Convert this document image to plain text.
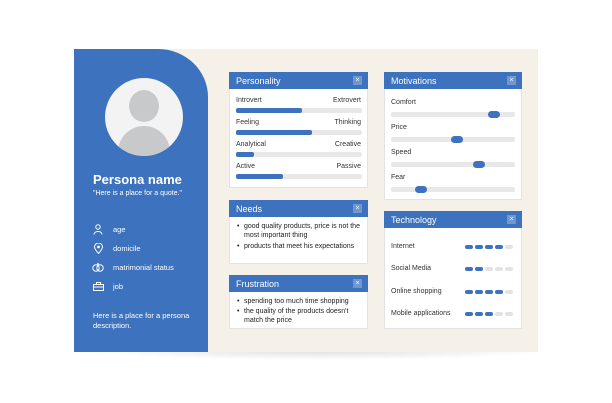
Persona name
"Here is a place for a quote."
age
domicile
matrimonial status
job
Here is a place for a persona description.
Personality	×
Introvert	Extrovert
Feeling	Thinking
Analytical	Creative
Active	Passive
Needs	×
• good quality products, price is not the most important thing
• products that meet his expectations
Frustration	×
• spending too much time shopping
• the quality of the products doesn't match the price
Motivations	×
Comfort
Price
Speed
Fear
Technology	×
Internet
Social Media
Online shopping
Mobile applications
